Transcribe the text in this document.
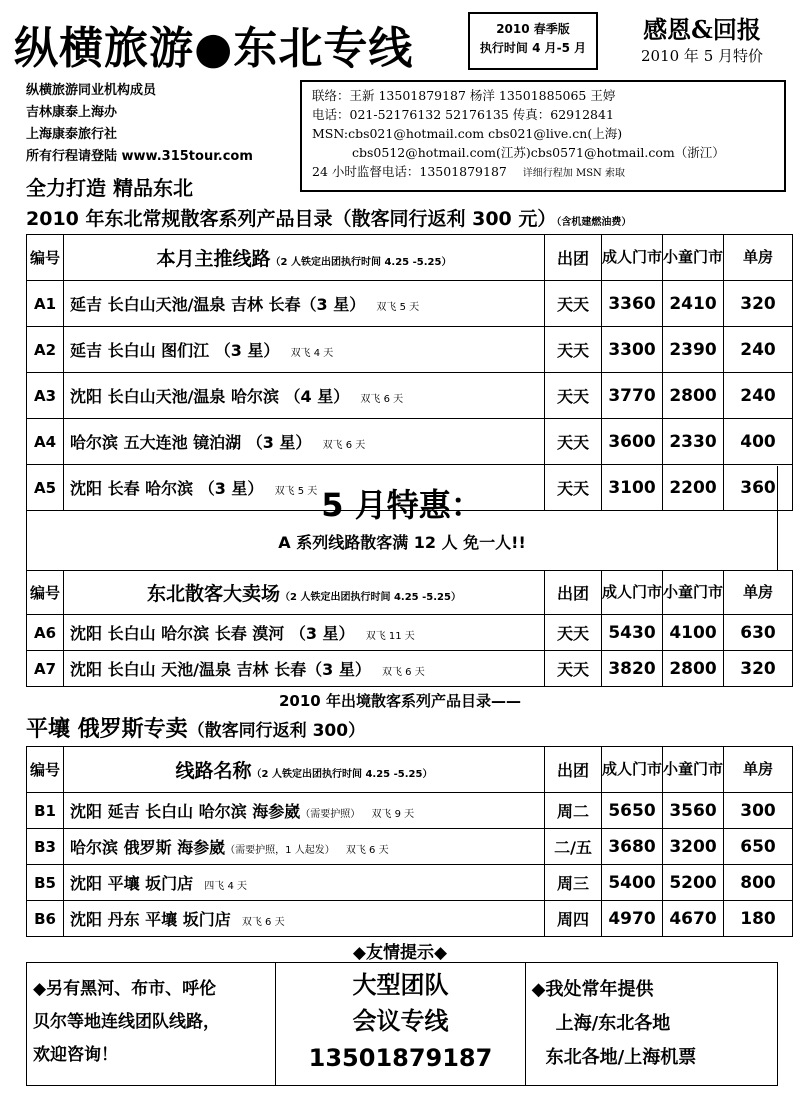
纵横旅游●东北专线	2010 春季版
执行时间 4 月-5 月
感恩&回报
2010 年 5 月特价
纵横旅游同业机构成员
吉林康泰上海办
上海康泰旅行社
所有行程请登陆 www.315tour.com
全力打造 精品东北
联络：王新 13501879187 杨洋 13501885065 王婷
电话：021-52176132 52176135 传真：62912841
MSN:cbs021@hotmail.com cbs021@live.cn(上海)
cbs0512@hotmail.com(江苏)cbs0571@hotmail.com（浙江）
24 小时监督电话：13501879187 详细行程加 MSN 索取
2010 年东北常规散客系列产品目录（散客同行返利 300 元）（含机建燃油费）
编号	本月主推线路（2 人铁定出团执行时间 4.25 -5.25）	出团	成人门市	小童门市	单房
A1	延吉 长白山天池/温泉 吉林 长春（3 星） 双飞 5 天	天天	3360	2410	320
A2	延吉 长白山 图们江 （3 星） 双飞 4 天	天天	3300	2390	240
A3	沈阳 长白山天池/温泉 哈尔滨 （4 星） 双飞 6 天	天天	3770	2800	240
A4	哈尔滨 五大连池 镜泊湖 （3 星） 双飞 6 天	天天	3600	2330	400
A5	沈阳 长春 哈尔滨 （3 星） 双飞 5 天	天天	3100	2200	360
5 月特惠：
A 系列线路散客满 12 人 免一人!!
编号	东北散客大卖场（2 人铁定出团执行时间 4.25 -5.25）	出团	成人门市	小童门市	单房
A6	沈阳 长白山 哈尔滨 长春 漠河 （3 星） 双飞 11 天	天天	5430	4100	630
A7	沈阳 长白山 天池/温泉 吉林 长春（3 星） 双飞 6 天	天天	3820	2800	320
2010 年出境散客系列产品目录——
平壤 俄罗斯专卖（散客同行返利 300）
编号	线路名称（2 人铁定出团执行时间 4.25 -5.25）	出团	成人门市	小童门市	单房
B1	沈阳 延吉 长白山 哈尔滨 海参崴（需要护照） 双飞 9 天	周二	5650	3560	300
B3	哈尔滨 俄罗斯 海参崴（需要护照，1 人起发） 双飞 6 天	二/五	3680	3200	650
B5	沈阳 平壤 坂门店 四飞 4 天	周三	5400	5200	800
B6	沈阳 丹东 平壤 坂门店 双飞 6 天	周四	4970	4670	180
◆友情提示◆
◆另有黑河、布市、呼伦
贝尔等地连线团队线路，
欢迎咨询！
大型团队
会议专线
13501879187
◆我处常年提供
上海/东北各地
东北各地/上海机票
